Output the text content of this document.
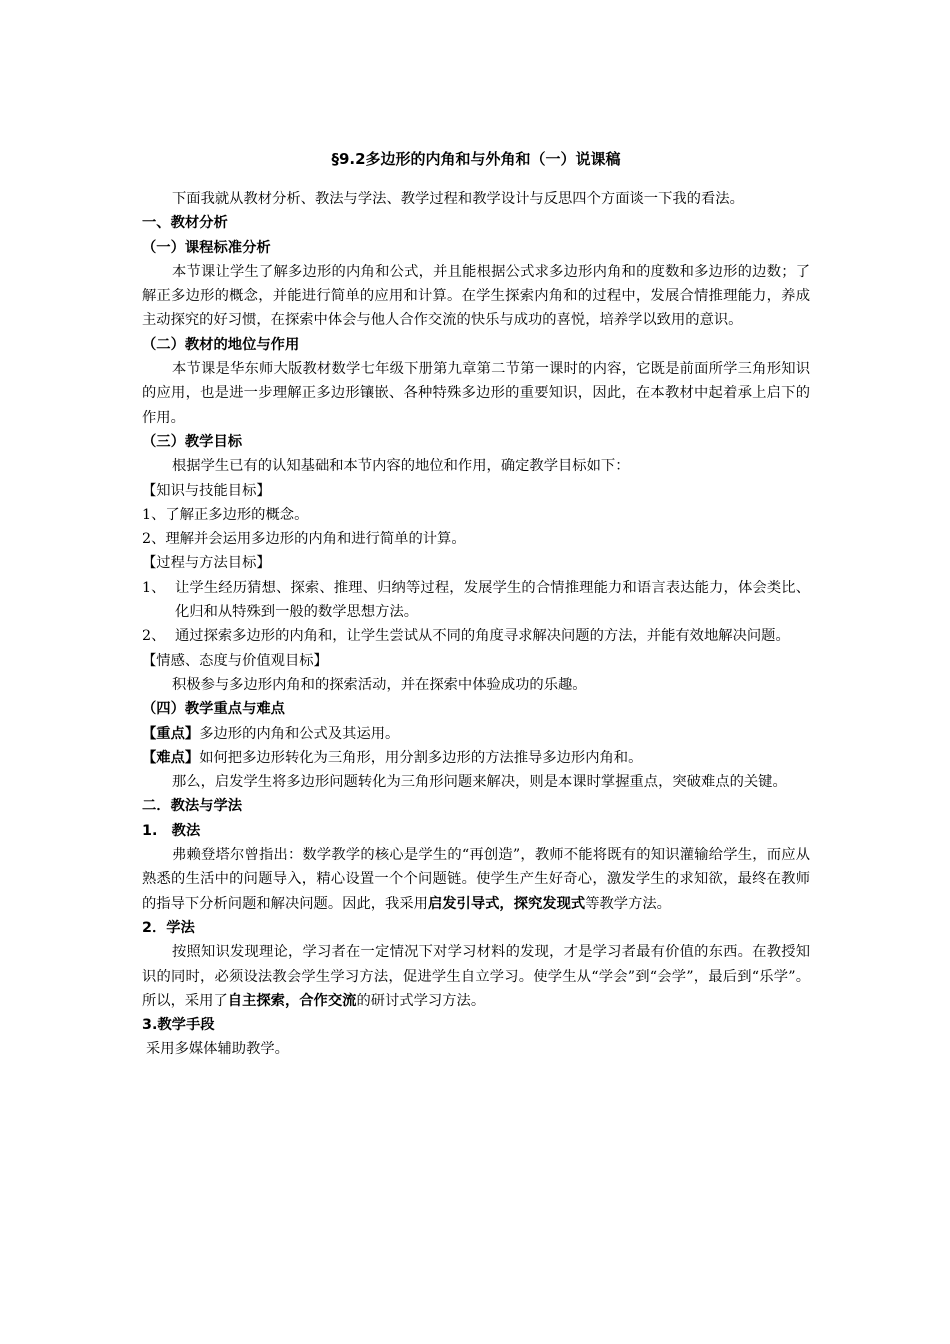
§9.2多边形的内角和与外角和（一）说课稿

下面我就从教材分析、教法与学法、教学过程和教学设计与反思四个方面谈一下我的看法。

一、教材分析

（一）课程标准分析

本节课让学生了解多边形的内角和公式，并且能根据公式求多边形内角和的度数和多边形的边数；了解正多边形的概念，并能进行简单的应用和计算。在学生探索内角和的过程中，发展合情推理能力，养成主动探究的好习惯，在探索中体会与他人合作交流的快乐与成功的喜悦，培养学以致用的意识。

（二）教材的地位与作用

本节课是华东师大版教材数学七年级下册第九章第二节第一课时的内容，它既是前面所学三角形知识的应用，也是进一步理解正多边形镶嵌、各种特殊多边形的重要知识，因此，在本教材中起着承上启下的作用。

（三）教学目标

根据学生已有的认知基础和本节内容的地位和作用，确定教学目标如下：

【知识与技能目标】

1、了解正多边形的概念。

2、理解并会运用多边形的内角和进行简单的计算。

【过程与方法目标】

1、 让学生经历猜想、探索、推理、归纳等过程，发展学生的合情推理能力和语言表达能力，体会类比、化归和从特殊到一般的数学思想方法。

2、 通过探索多边形的内角和，让学生尝试从不同的角度寻求解决问题的方法，并能有效地解决问题。

【情感、态度与价值观目标】

积极参与多边形内角和的探索活动，并在探索中体验成功的乐趣。

（四）教学重点与难点

【重点】多边形的内角和公式及其运用。

【难点】如何把多边形转化为三角形，用分割多边形的方法推导多边形内角和。

那么，启发学生将多边形问题转化为三角形问题来解决，则是本课时掌握重点，突破难点的关键。

二．教法与学法

1.　教法

弗赖登塔尔曾指出：数学教学的核心是学生的“再创造”，教师不能将既有的知识灌输给学生，而应从熟悉的生活中的问题导入，精心设置一个个问题链。使学生产生好奇心，激发学生的求知欲，最终在教师的指导下分析问题和解决问题。因此，我采用启发引导式，探究发现式等教学方法。

2．学法

按照知识发现理论，学习者在一定情况下对学习材料的发现，才是学习者最有价值的东西。在教授知识的同时，必须设法教会学生学习方法，促进学生自立学习。使学生从“学会”到“会学”，最后到“乐学”。所以，采用了自主探索，合作交流的研讨式学习方法。

3.教学手段

采用多媒体辅助教学。
